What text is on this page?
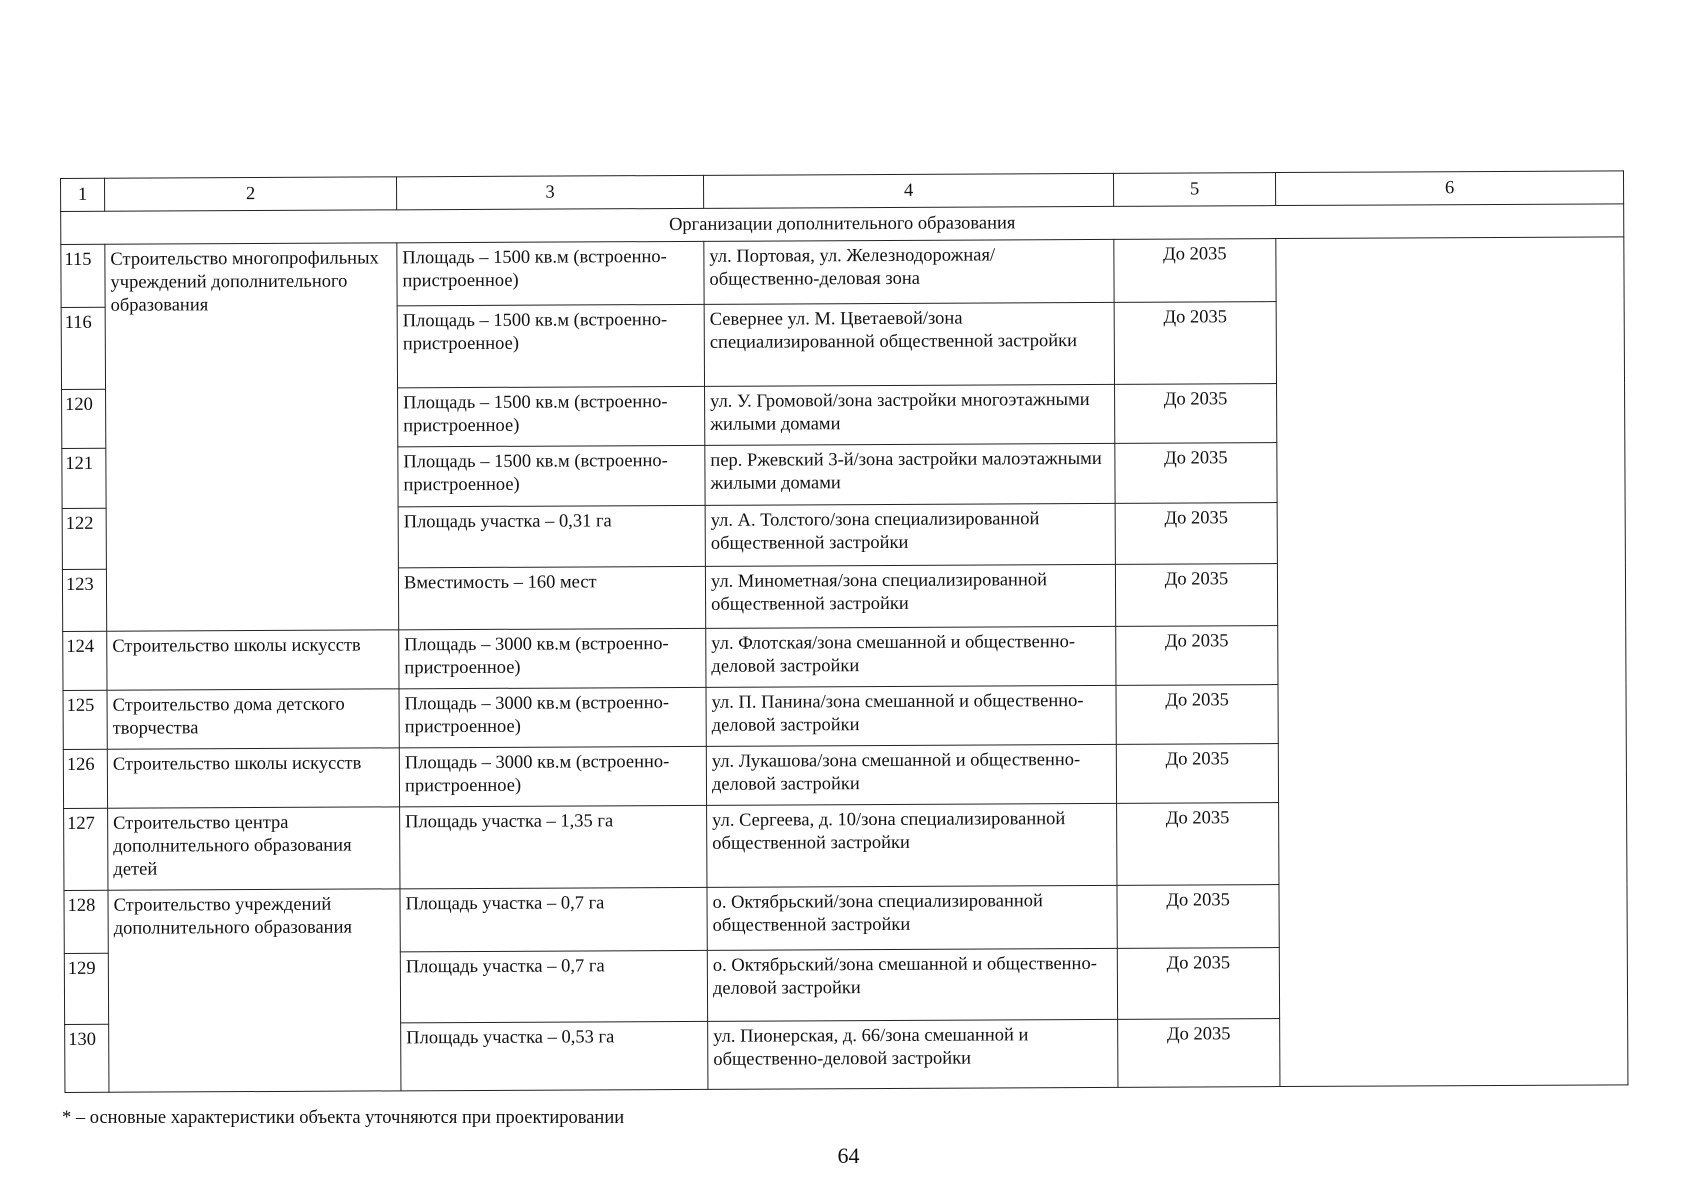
1	2	3	4	5	6
Организации дополнительного образования					
115	Строительство многопрофильных учреждений дополнительного образования	Площадь – 1500 кв.м (встроенно-пристроенное)	ул. Портовая, ул. Железнодорожная/ общественно-деловая зона	До 2035	
116		Площадь – 1500 кв.м (встроенно-пристроенное)	Севернее ул. М. Цветаевой/зона специализированной общественной застройки	До 2035	
120		Площадь – 1500 кв.м (встроенно-пристроенное)	ул. У. Громовой/зона застройки многоэтажными жилыми домами	До 2035	
121		Площадь – 1500 кв.м (встроенно-пристроенное)	пер. Ржевский 3-й/зона застройки малоэтажными жилыми домами	До 2035	
122		Площадь участка – 0,31 га	ул. А. Толстого/зона специализированной общественной застройки	До 2035	
123		Вместимость – 160 мест	ул. Минометная/зона специализированной общественной застройки	До 2035	
124	Строительство школы искусств	Площадь – 3000 кв.м (встроенно-пристроенное)	ул. Флотская/зона смешанной и общественно-деловой застройки	До 2035	
125	Строительство дома детского творчества	Площадь – 3000 кв.м (встроенно-пристроенное)	ул. П. Панина/зона смешанной и общественно-деловой застройки	До 2035	
126	Строительство школы искусств	Площадь – 3000 кв.м (встроенно-пристроенное)	ул. Лукашова/зона смешанной и общественно-деловой застройки	До 2035	
127	Строительство центра дополнительного образования детей	Площадь участка – 1,35 га	ул. Сергеева, д. 10/зона специализированной общественной застройки	До 2035	
128	Строительство учреждений дополнительного образования	Площадь участка – 0,7 га	о. Октябрьский/зона специализированной общественной застройки	До 2035	
129		Площадь участка – 0,7 га	о. Октябрьский/зона смешанной и общественно-деловой застройки	До 2035	
130		Площадь участка – 0,53 га	ул. Пионерская, д. 66/зона смешанной и общественно-деловой застройки	До 2035	
* – основные характеристики объекта уточняются при проектировании
64
